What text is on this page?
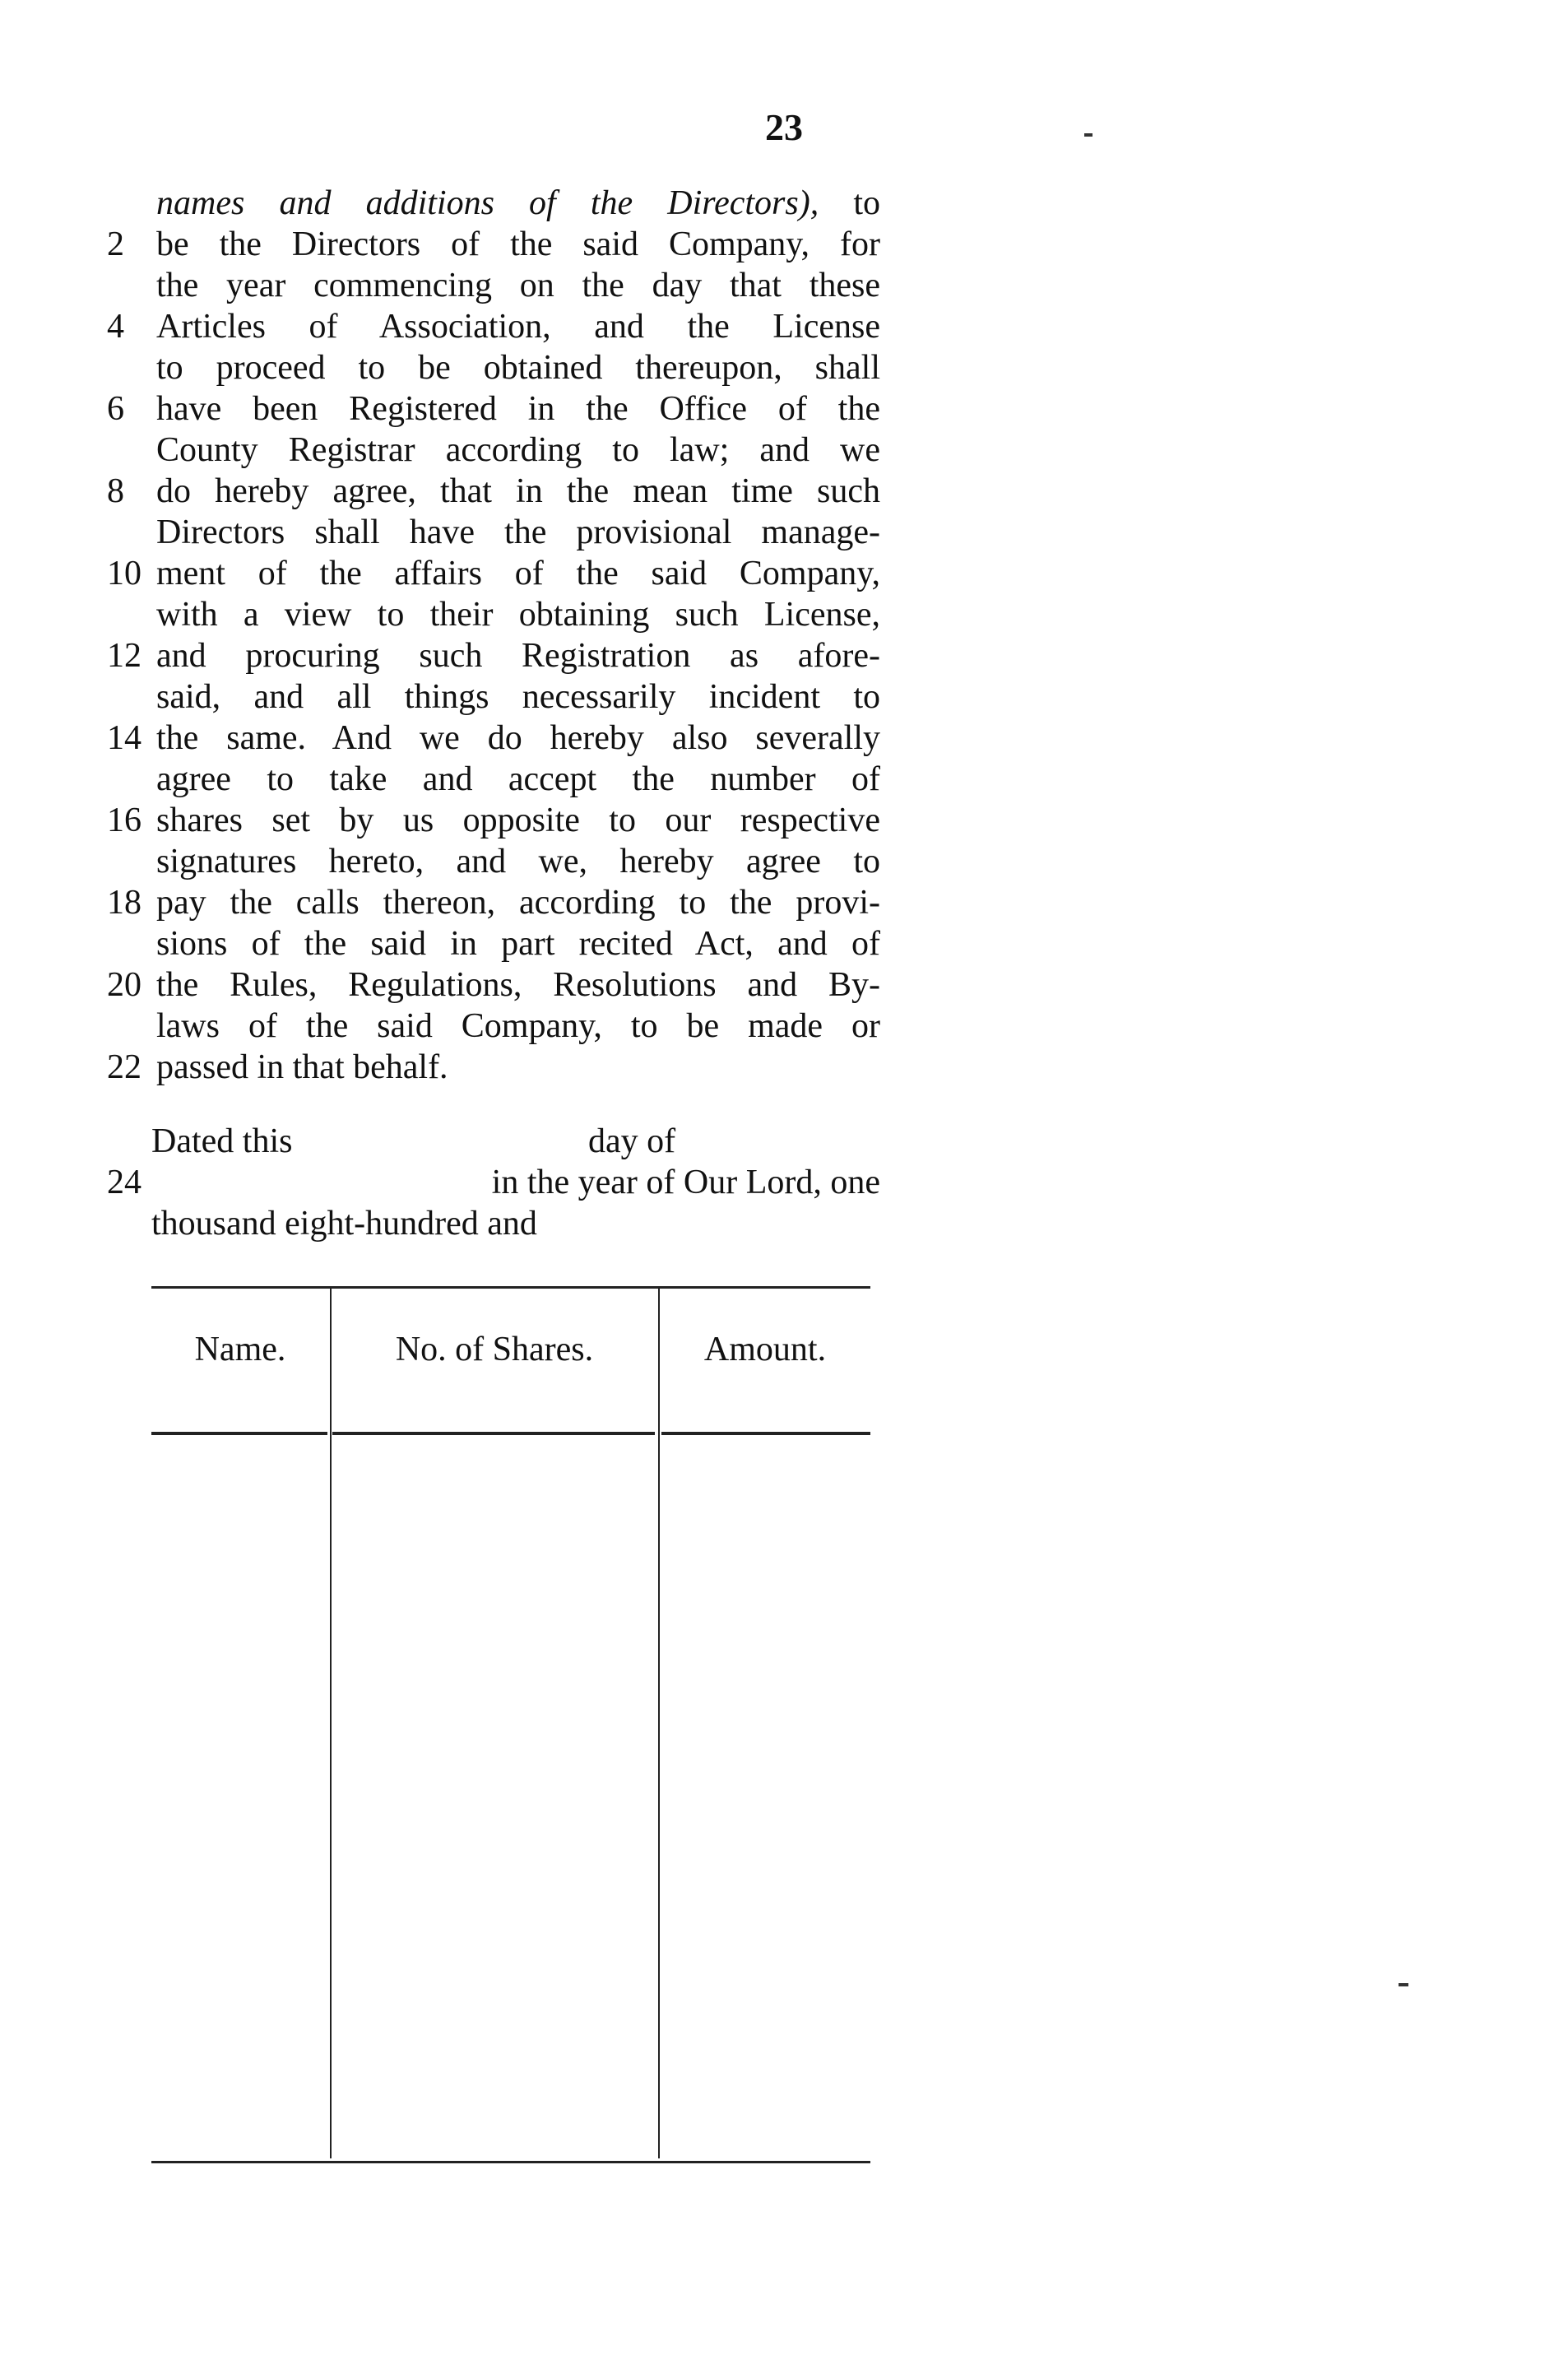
23
names and additions of the Directors), to
2 be the Directors of the said Company, for
the year commencing on the day that these
4 Articles of Association, and the License
to proceed to be obtained thereupon, shall
6 have been Registered in the Office of the
County Registrar according to law; and we
8 do hereby agree, that in the mean time such
Directors shall have the provisional manage-
10 ment of the affairs of the said Company,
with a view to their obtaining such License,
12 and procuring such Registration as afore-
said, and all things necessarily incident to
14 the same. And we do hereby also severally
agree to take and accept the number of
16 shares set by us opposite to our respective
signatures hereto, and we, hereby agree to
18 pay the calls thereon, according to the provi-
sions of the said in part recited Act, and of
20 the Rules, Regulations, Resolutions and By-
laws of the said Company, to be made or
22 passed in that behalf.
Dated this	day of
24	in the year of Our Lord, one
thousand eight-hundred and
Name.	No. of Shares.	Amount.
